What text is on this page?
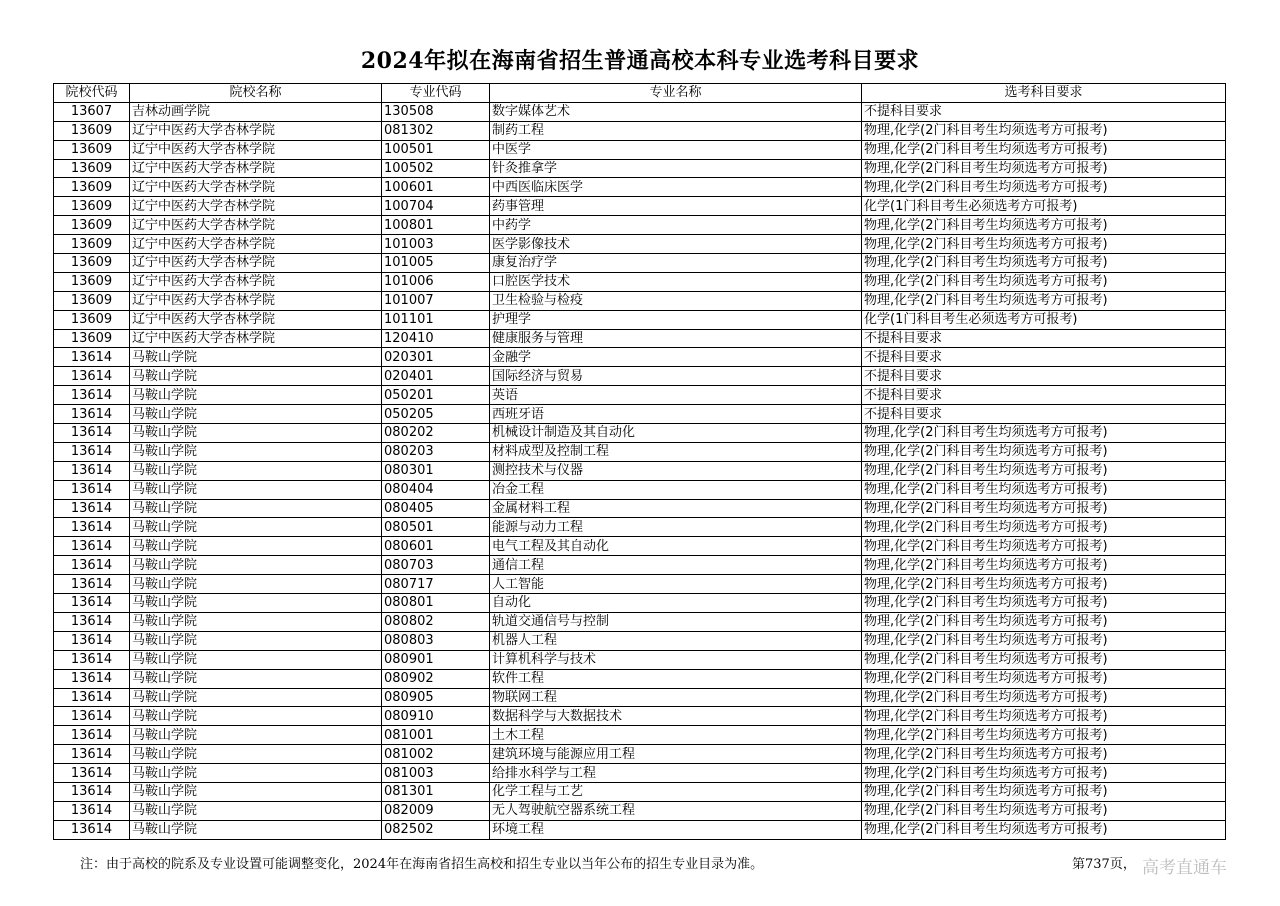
2024年拟在海南省招生普通高校本科专业选考科目要求
院校代码	院校名称	专业代码	专业名称	选考科目要求
13607	吉林动画学院	130508	数字媒体艺术	不提科目要求
13609	辽宁中医药大学杏林学院	081302	制药工程	物理,化学(2门科目考生均须选考方可报考)
13609	辽宁中医药大学杏林学院	100501	中医学	物理,化学(2门科目考生均须选考方可报考)
13609	辽宁中医药大学杏林学院	100502	针灸推拿学	物理,化学(2门科目考生均须选考方可报考)
13609	辽宁中医药大学杏林学院	100601	中西医临床医学	物理,化学(2门科目考生均须选考方可报考)
13609	辽宁中医药大学杏林学院	100704	药事管理	化学(1门科目考生必须选考方可报考)
13609	辽宁中医药大学杏林学院	100801	中药学	物理,化学(2门科目考生均须选考方可报考)
13609	辽宁中医药大学杏林学院	101003	医学影像技术	物理,化学(2门科目考生均须选考方可报考)
13609	辽宁中医药大学杏林学院	101005	康复治疗学	物理,化学(2门科目考生均须选考方可报考)
13609	辽宁中医药大学杏林学院	101006	口腔医学技术	物理,化学(2门科目考生均须选考方可报考)
13609	辽宁中医药大学杏林学院	101007	卫生检验与检疫	物理,化学(2门科目考生均须选考方可报考)
13609	辽宁中医药大学杏林学院	101101	护理学	化学(1门科目考生必须选考方可报考)
13609	辽宁中医药大学杏林学院	120410	健康服务与管理	不提科目要求
13614	马鞍山学院	020301	金融学	不提科目要求
13614	马鞍山学院	020401	国际经济与贸易	不提科目要求
13614	马鞍山学院	050201	英语	不提科目要求
13614	马鞍山学院	050205	西班牙语	不提科目要求
13614	马鞍山学院	080202	机械设计制造及其自动化	物理,化学(2门科目考生均须选考方可报考)
13614	马鞍山学院	080203	材料成型及控制工程	物理,化学(2门科目考生均须选考方可报考)
13614	马鞍山学院	080301	测控技术与仪器	物理,化学(2门科目考生均须选考方可报考)
13614	马鞍山学院	080404	冶金工程	物理,化学(2门科目考生均须选考方可报考)
13614	马鞍山学院	080405	金属材料工程	物理,化学(2门科目考生均须选考方可报考)
13614	马鞍山学院	080501	能源与动力工程	物理,化学(2门科目考生均须选考方可报考)
13614	马鞍山学院	080601	电气工程及其自动化	物理,化学(2门科目考生均须选考方可报考)
13614	马鞍山学院	080703	通信工程	物理,化学(2门科目考生均须选考方可报考)
13614	马鞍山学院	080717	人工智能	物理,化学(2门科目考生均须选考方可报考)
13614	马鞍山学院	080801	自动化	物理,化学(2门科目考生均须选考方可报考)
13614	马鞍山学院	080802	轨道交通信号与控制	物理,化学(2门科目考生均须选考方可报考)
13614	马鞍山学院	080803	机器人工程	物理,化学(2门科目考生均须选考方可报考)
13614	马鞍山学院	080901	计算机科学与技术	物理,化学(2门科目考生均须选考方可报考)
13614	马鞍山学院	080902	软件工程	物理,化学(2门科目考生均须选考方可报考)
13614	马鞍山学院	080905	物联网工程	物理,化学(2门科目考生均须选考方可报考)
13614	马鞍山学院	080910	数据科学与大数据技术	物理,化学(2门科目考生均须选考方可报考)
13614	马鞍山学院	081001	土木工程	物理,化学(2门科目考生均须选考方可报考)
13614	马鞍山学院	081002	建筑环境与能源应用工程	物理,化学(2门科目考生均须选考方可报考)
13614	马鞍山学院	081003	给排水科学与工程	物理,化学(2门科目考生均须选考方可报考)
13614	马鞍山学院	081301	化学工程与工艺	物理,化学(2门科目考生均须选考方可报考)
13614	马鞍山学院	082009	无人驾驶航空器系统工程	物理,化学(2门科目考生均须选考方可报考)
13614	马鞍山学院	082502	环境工程	物理,化学(2门科目考生均须选考方可报考)
注：由于高校的院系及专业设置可能调整变化，2024年在海南省招生高校和招生专业以当年公布的招生专业目录为准。	第737页， 高考直通车
